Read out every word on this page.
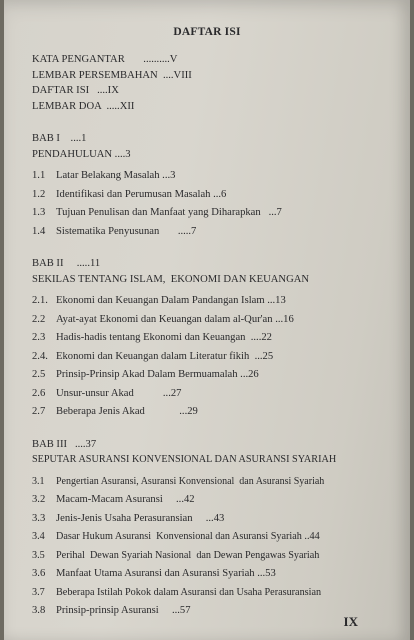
DAFTAR ISI
KATA PENGANTAR       ..........V
LEMBAR PERSEMBAHAN  ....VIII
DAFTAR ISI   ....IX
LEMBAR DOA  .....XII
BAB I    ....1
PENDAHULUAN ....3
1.1 Latar Belakang Masalah ...3
1.2 Identifikasi dan Perumusan Masalah ...6
1.3 Tujuan Penulisan dan Manfaat yang Diharapkan   ...7
1.4 Sistematika Penyusunan       .....7
BAB II     .....11
SEKILAS TENTANG ISLAM,  EKONOMI DAN KEUANGAN
2.1. Ekonomi dan Keuangan Dalam Pandangan Islam ...13
2.2 Ayat-ayat Ekonomi dan Keuangan dalam al-Qur'an ...16
2.3 Hadis-hadis tentang Ekonomi dan Keuangan  ....22
2.4. Ekonomi dan Keuangan dalam Literatur fikih  ...25
2.5 Prinsip-Prinsip Akad Dalam Bermuamalah ...26
2.6 Unsur-unsur Akad           ...27
2.7 Beberapa Jenis Akad             ...29
BAB III   ....37
SEPUTAR ASURANSI KONVENSIONAL DAN ASURANSI SYARIAH
3.1 Pengertian Asuransi, Asuransi Konvensional  dan Asuransi Syariah
3.2 Macam-Macam Asuransi     ...42
3.3 Jenis-Jenis Usaha Perasuransian     ...43
3.4 Dasar Hukum Asuransi  Konvensional dan Asuransi Syariah ..44
3.5 Perihal  Dewan Syariah Nasional  dan Dewan Pengawas Syariah
3.6 Manfaat Utama Asuransi dan Asuransi Syariah ...53
3.7 Beberapa Istilah Pokok dalam Asuransi dan Usaha Perasuransian
3.8 Prinsip-prinsip Asuransi     ...57
IX
